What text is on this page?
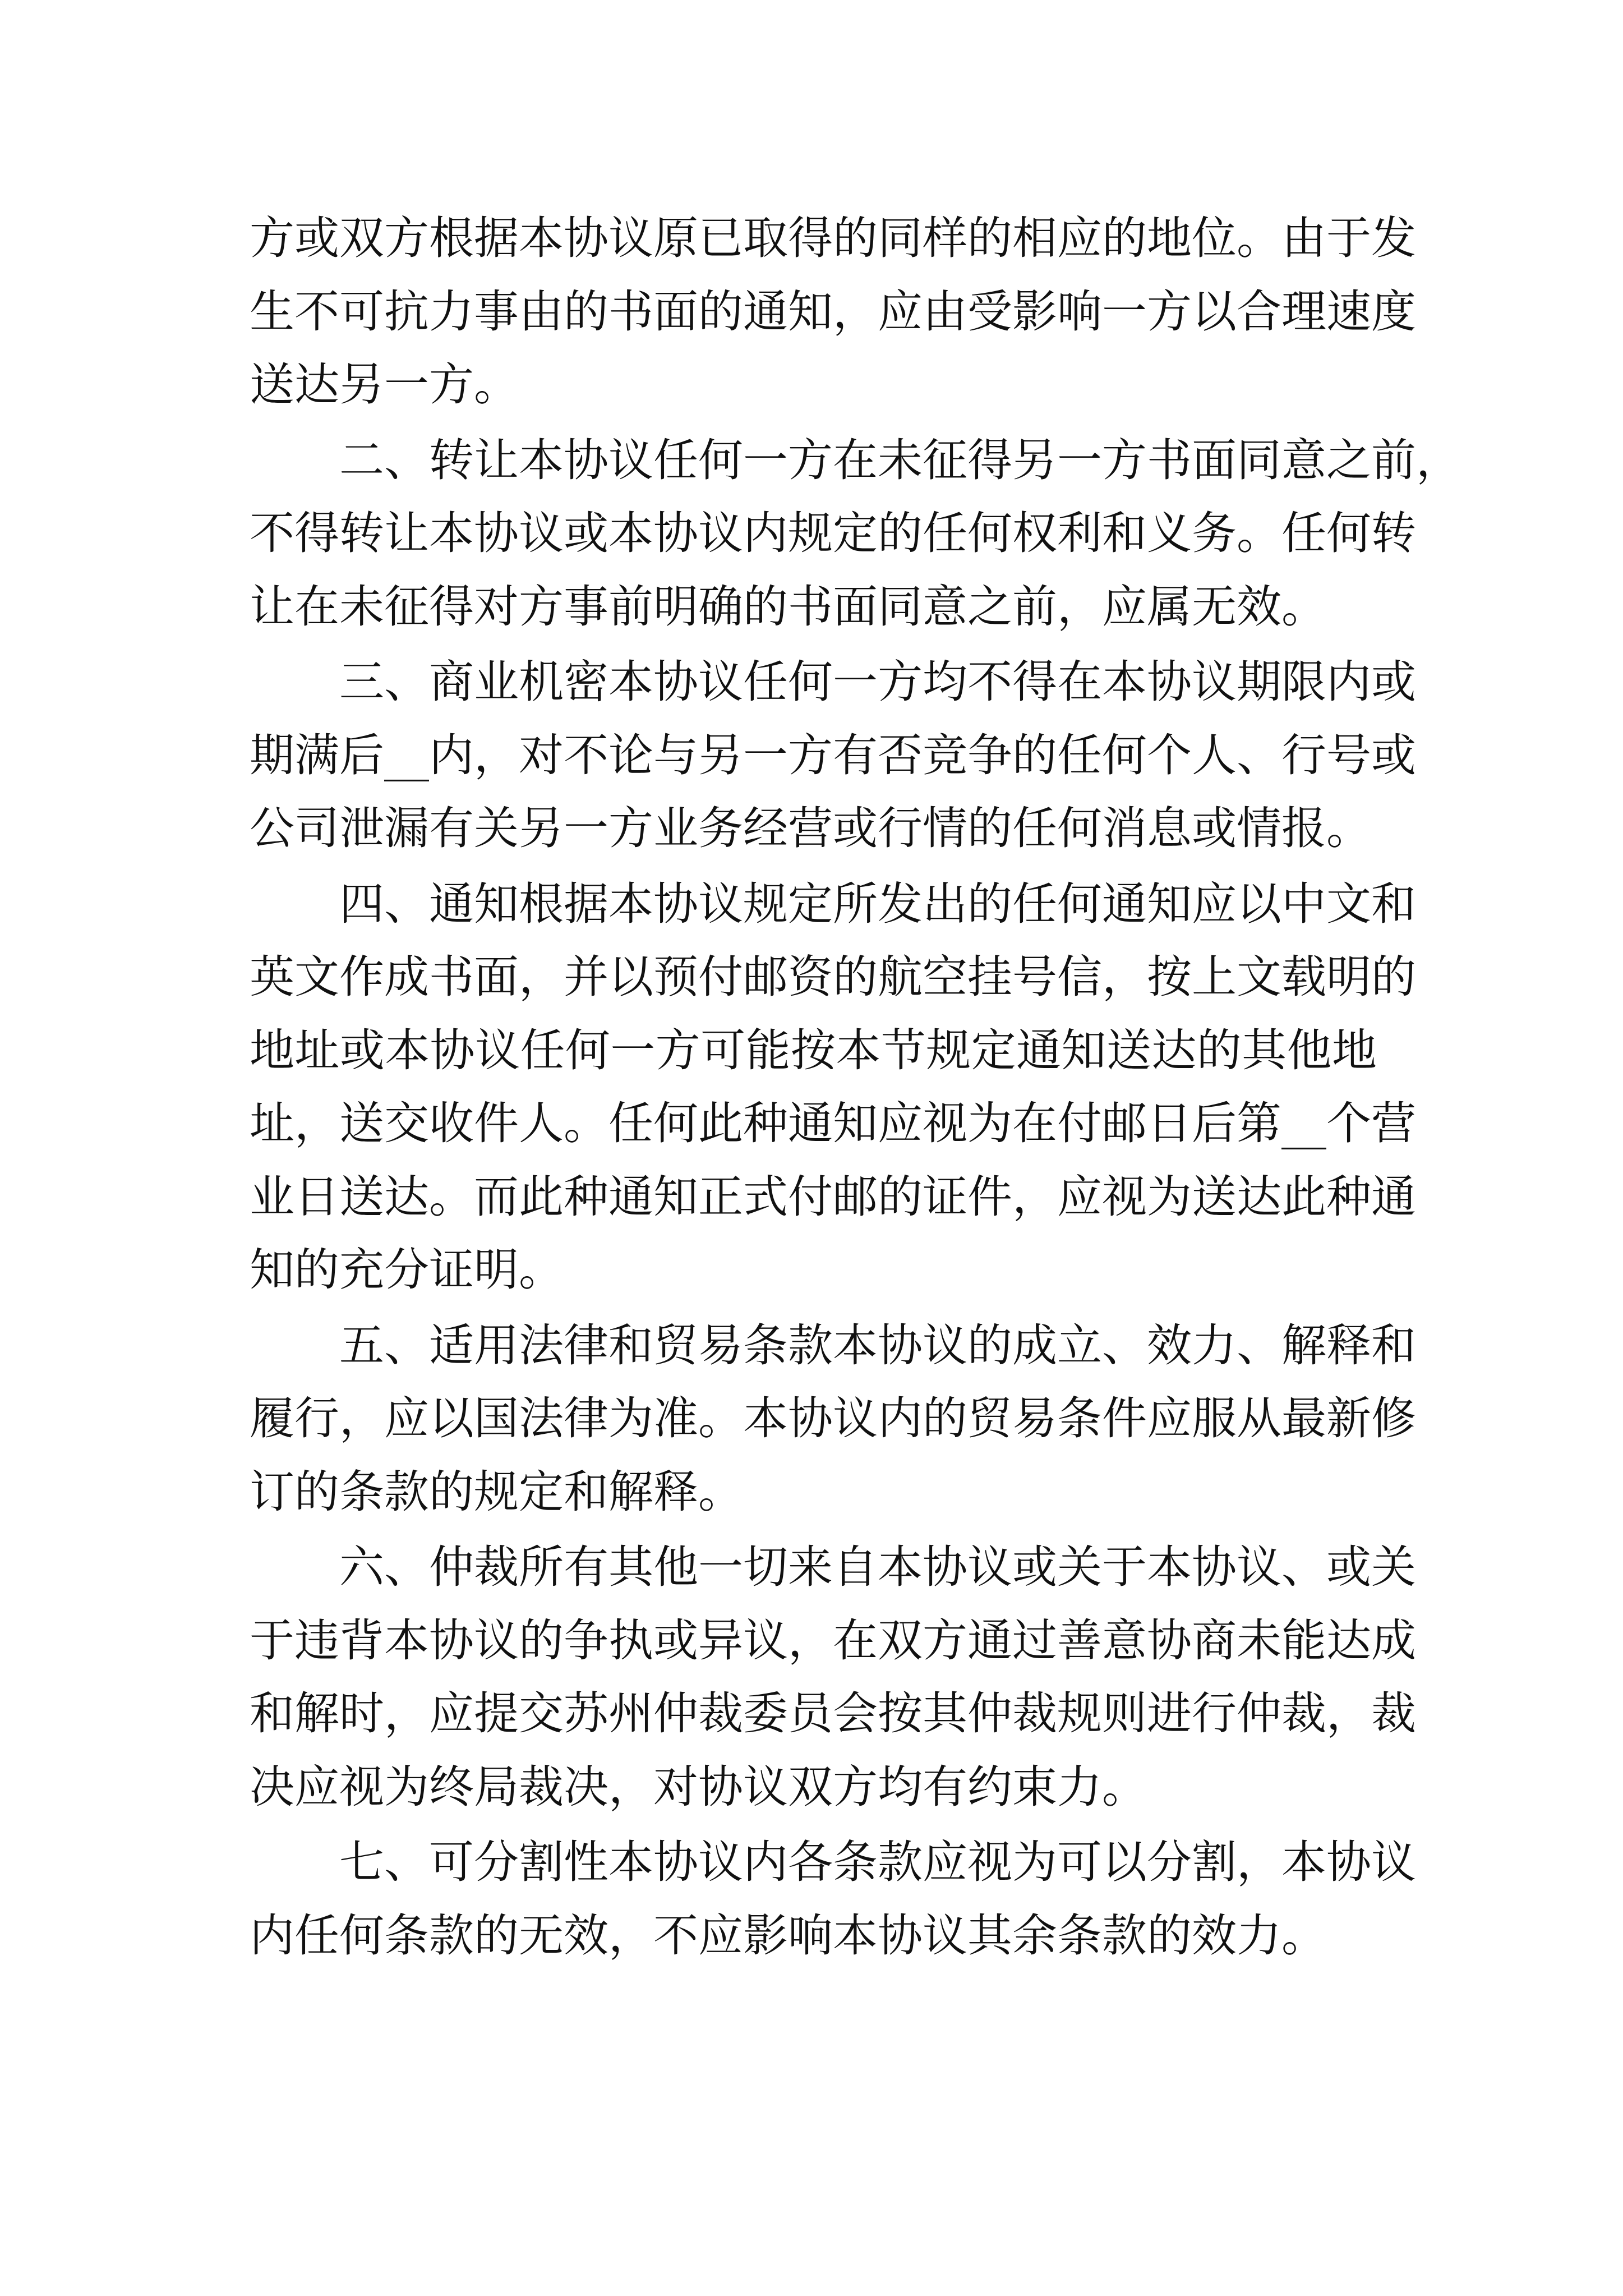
方或双方根据本协议原已取得的同样的相应的地位。由于发
生不可抗力事由的书面的通知，应由受影响一方以合理速度
送达另一方。
二、转让本协议任何一方在未征得另一方书面同意之前，
不得转让本协议或本协议内规定的任何权利和义务。任何转
让在未征得对方事前明确的书面同意之前，应属无效。
三、商业机密本协议任何一方均不得在本协议期限内或
期满后__内，对不论与另一方有否竞争的任何个人、行号或
公司泄漏有关另一方业务经营或行情的任何消息或情报。
四、通知根据本协议规定所发出的任何通知应以中文和
英文作成书面，并以预付邮资的航空挂号信，按上文载明的
地址或本协议任何一方可能按本节规定通知送达的其他地
址，送交收件人。任何此种通知应视为在付邮日后第__个营
业日送达。而此种通知正式付邮的证件，应视为送达此种通
知的充分证明。
五、适用法律和贸易条款本协议的成立、效力、解释和
履行，应以国法律为准。本协议内的贸易条件应服从最新修
订的条款的规定和解释。
六、仲裁所有其他一切来自本协议或关于本协议、或关
于违背本协议的争执或异议，在双方通过善意协商未能达成
和解时，应提交苏州仲裁委员会按其仲裁规则进行仲裁，裁
决应视为终局裁决，对协议双方均有约束力。
七、可分割性本协议内各条款应视为可以分割，本协议
内任何条款的无效，不应影响本协议其余条款的效力。
